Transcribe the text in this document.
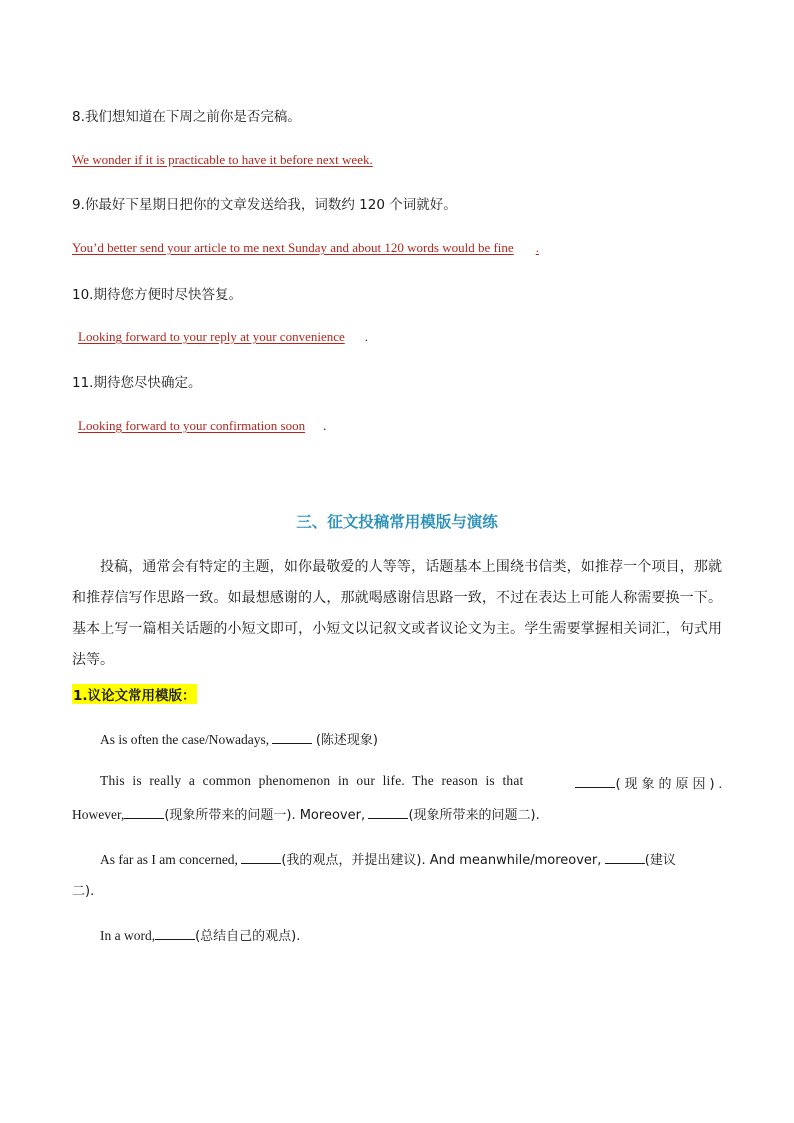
8.我们想知道在下周之前你是否完稿。
We wonder if it is practicable to have it before next week.
9.你最好下星期日把你的文章发送给我，词数约 120 个词就好。
You’d better send your article to me next Sunday and about 120 words would be fine .
10.期待您方便时尽快答复。
Looking forward to your reply at your convenience .
11.期待您尽快确定。
Looking forward to your confirmation soon .
三、征文投稿常用模版与演练
投稿，通常会有特定的主题，如你最敬爱的人等等，话题基本上围绕书信类，如推荐一个项目，那就和推荐信写作思路一致。如最想感谢的人，那就喝感谢信思路一致，不过在表达上可能人称需要换一下。基本上写一篇相关话题的小短文即可，小短文以记叙文或者议论文为主。学生需要掌握相关词汇，句式用法等。
1.议论文常用模版：
As is often the case/Nowadays,	(陈述现象)
This is really a common phenomenon in our life. The reason is that	(现象的原因).
However,	(现象所带来的问题一). Moreover,	(现象所带来的问题二).
As far as I am concerned,	(我的观点，并提出建议). And meanwhile/moreover,	(建议
二).
In a word,	(总结自己的观点).
